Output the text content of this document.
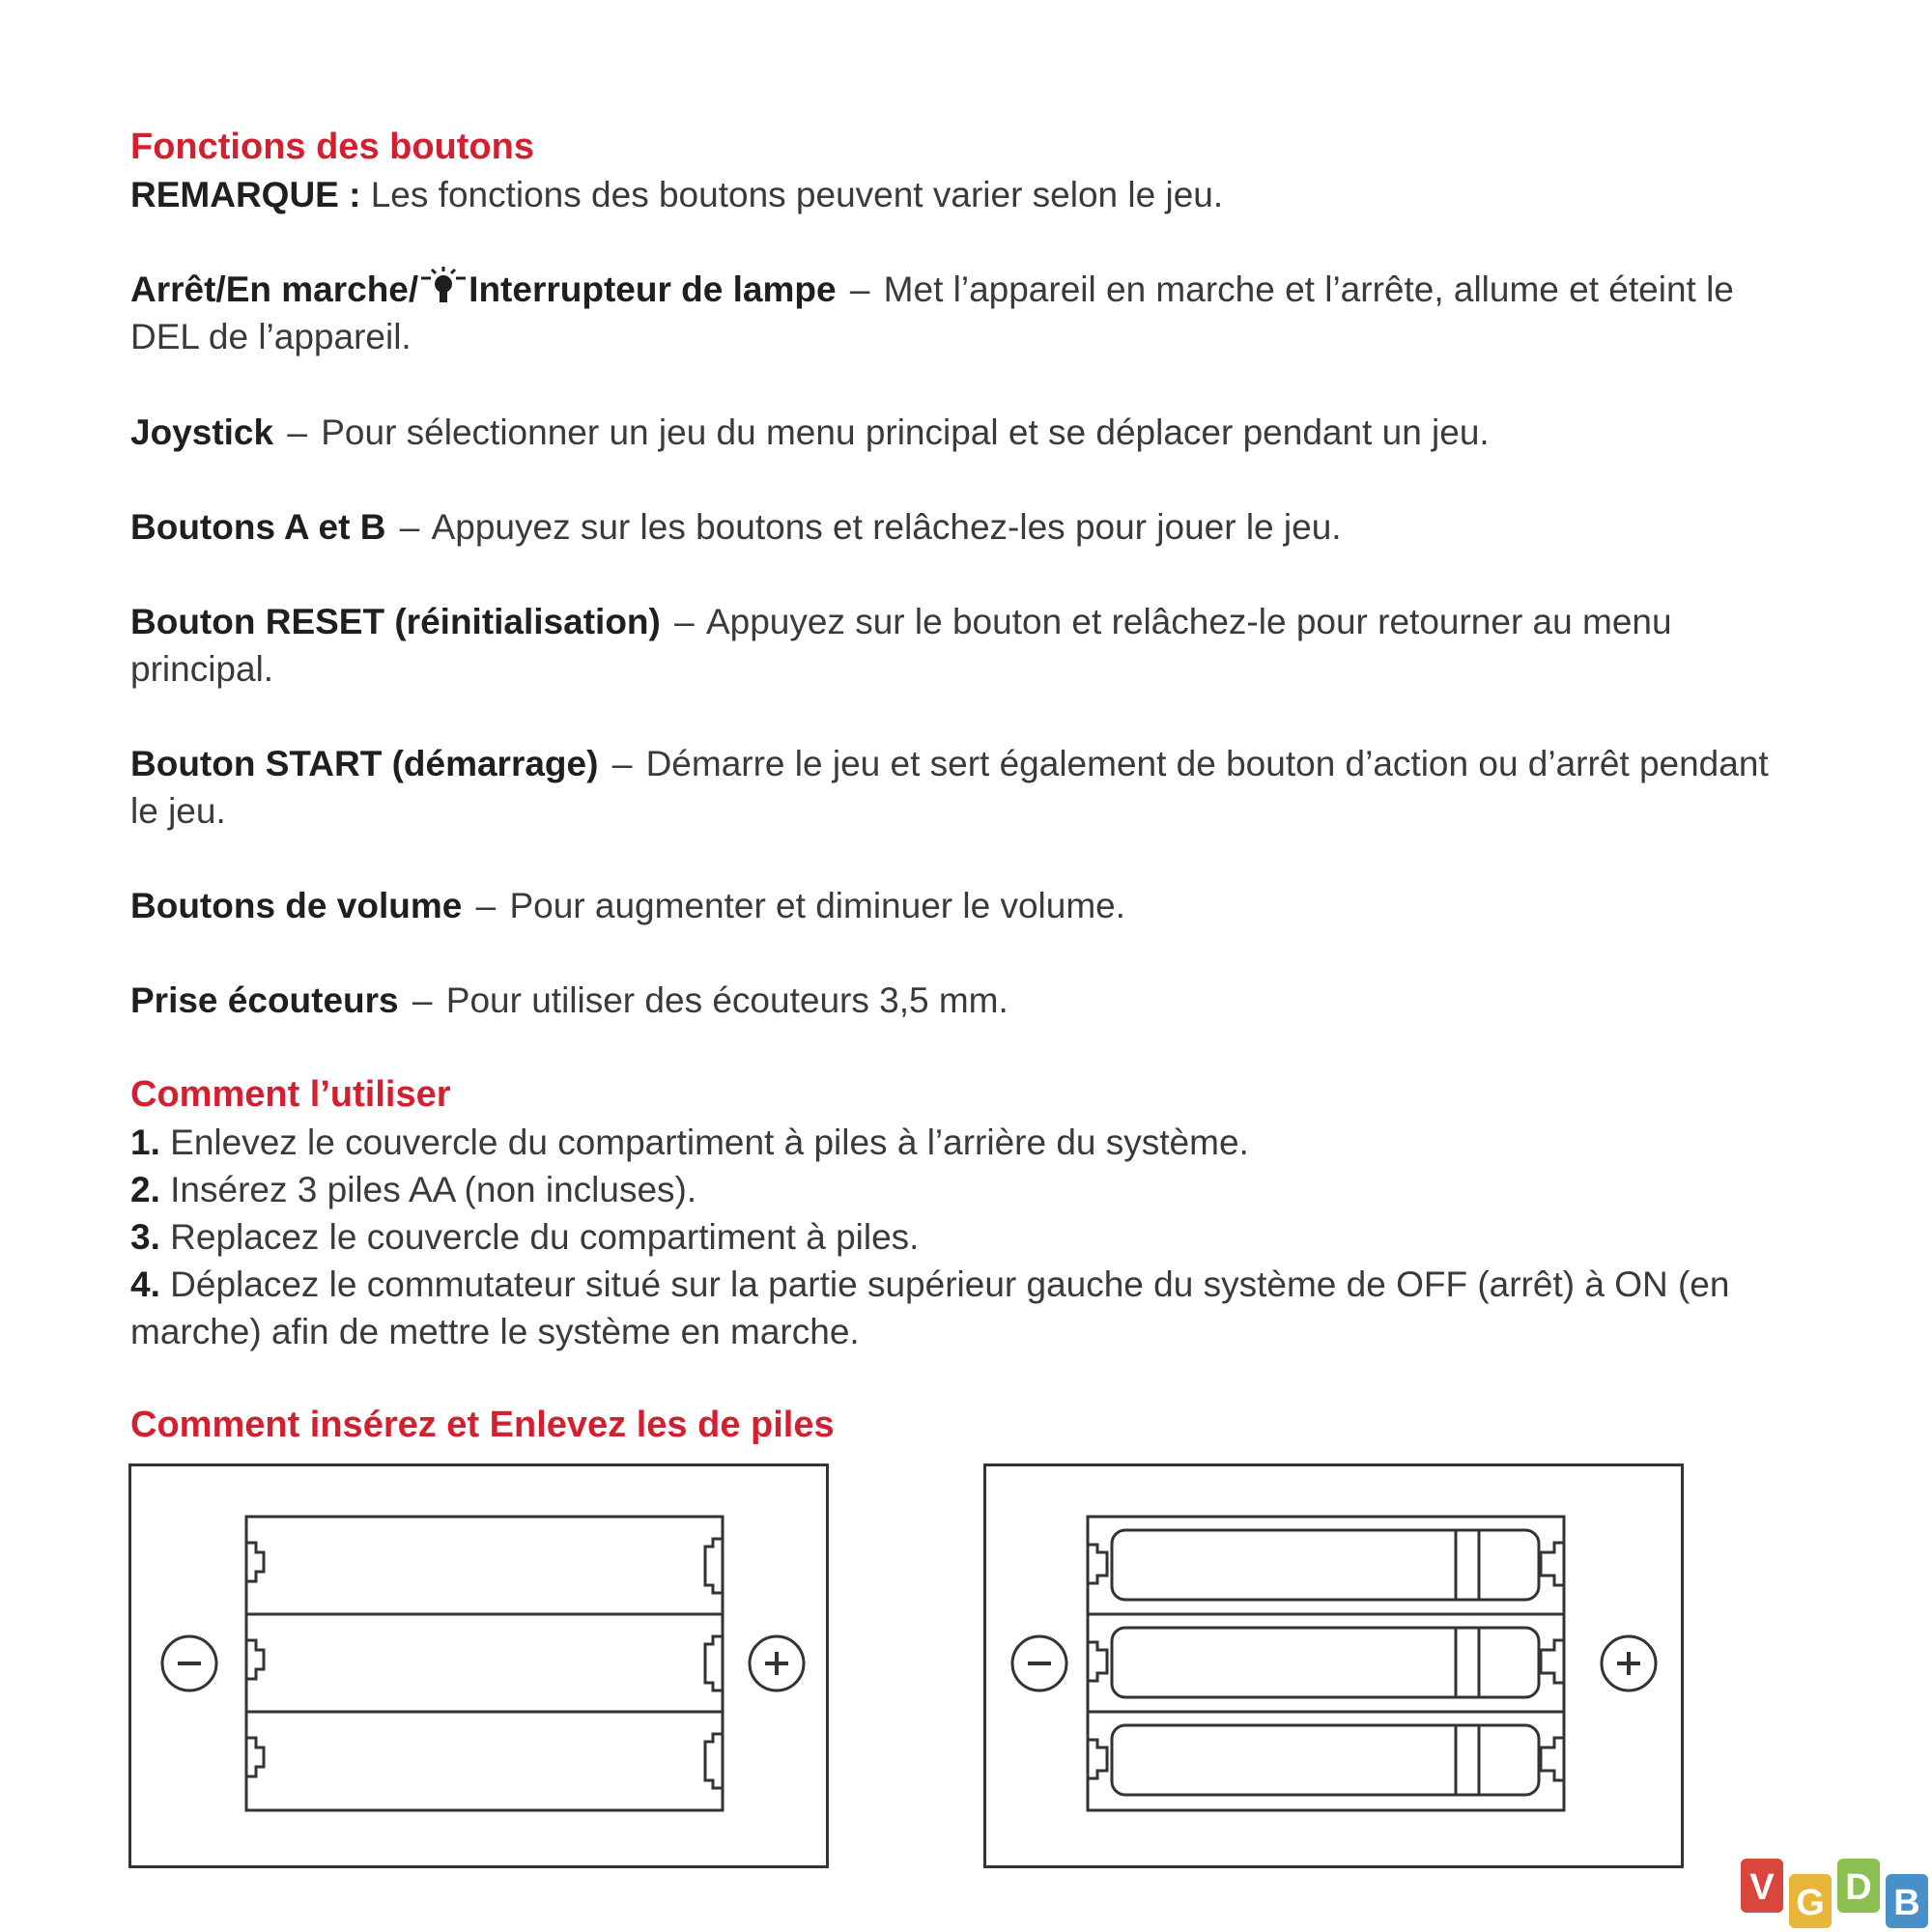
Fonctions des boutons
REMARQUE : Les fonctions des boutons peuvent varier selon le jeu.
Arrêt/En marche/ Interrupteur de lampe – Met l’appareil en marche et l’arrête, allume et éteint le DEL de l’appareil.
Joystick – Pour sélectionner un jeu du menu principal et se déplacer pendant un jeu.
Boutons A et B – Appuyez sur les boutons et relâchez-les pour jouer le jeu.
Bouton RESET (réinitialisation) – Appuyez sur le bouton et relâchez-le pour retourner au menu principal.
Bouton START (démarrage) – Démarre le jeu et sert également de bouton d’action ou d’arrêt pendant le jeu.
Boutons de volume – Pour augmenter et diminuer le volume.
Prise écouteurs – Pour utiliser des écouteurs 3,5 mm.
Comment l’utiliser
1. Enlevez le couvercle du compartiment à piles à l’arrière du système.
2. Insérez 3 piles AA (non incluses).
3. Replacez le couvercle du compartiment à piles.
4. Déplacez le commutateur situé sur la partie supérieur gauche du système de OFF (arrêt) à ON (en marche) afin de mettre le système en marche.
Comment insérez et Enlevez les de piles
V G D B
